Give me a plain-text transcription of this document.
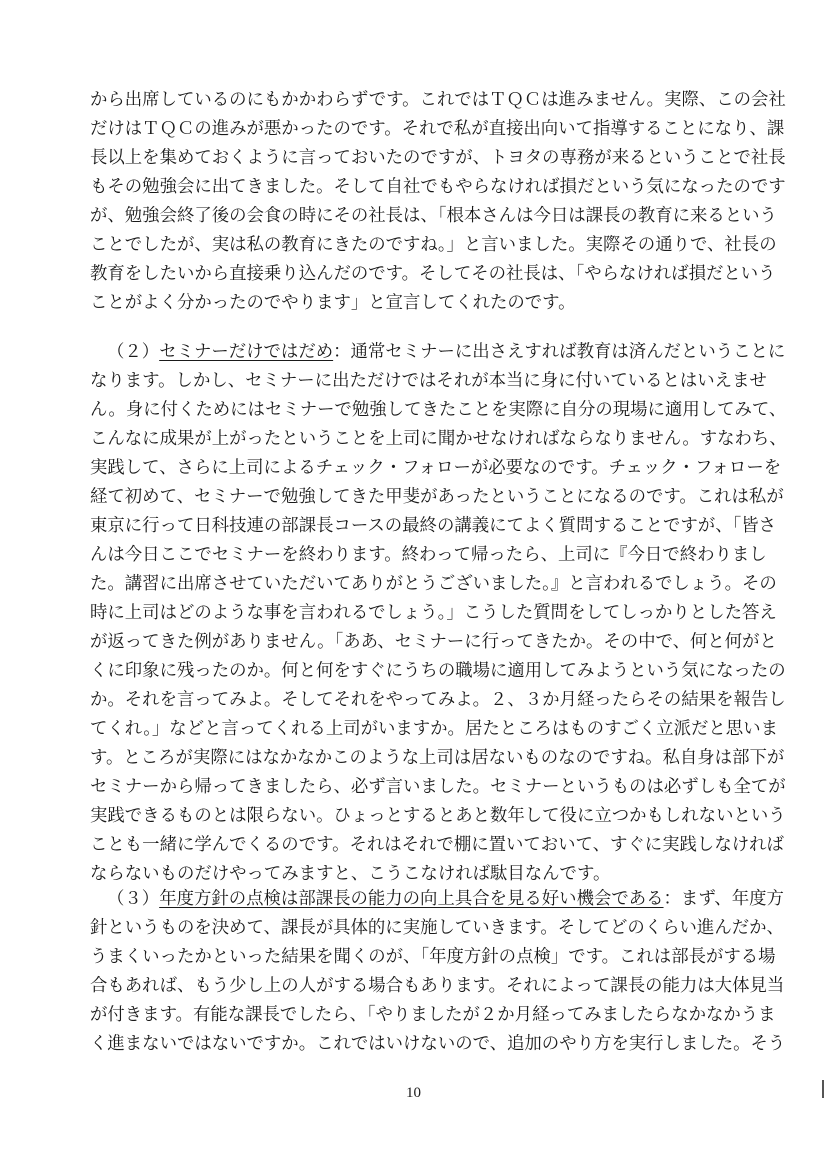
から出席しているのにもかかわらずです。これではＴＱＣは進みません。実際、この会社
だけはＴＱＣの進みが悪かったのです。それで私が直接出向いて指導することになり、課
長以上を集めておくように言っておいたのですが、トヨタの専務が来るということで社長
もその勉強会に出てきました。そして自社でもやらなければ損だという気になったのです
が、勉強会終了後の会食の時にその社長は、「根本さんは今日は課長の教育に来るという
ことでしたが、実は私の教育にきたのですね。」と言いました。実際その通りで、社長の
教育をしたいから直接乗り込んだのです。そしてその社長は、「やらなければ損だという
ことがよく分かったのでやります」と宣言してくれたのです。
（２）セミナーだけではだめ：通常セミナーに出さえすれば教育は済んだということに
なります。しかし、セミナーに出ただけではそれが本当に身に付いているとはいえませ
ん。身に付くためにはセミナーで勉強してきたことを実際に自分の現場に適用してみて、
こんなに成果が上がったということを上司に聞かせなければならなりません。すなわち、
実践して、さらに上司によるチェック・フォローが必要なのです。チェック・フォローを
経て初めて、セミナーで勉強してきた甲斐があったということになるのです。これは私が
東京に行って日科技連の部課長コースの最終の講義にてよく質問することですが、「皆さ
んは今日ここでセミナーを終わります。終わって帰ったら、上司に『今日で終わりまし
た。講習に出席させていただいてありがとうございました。』と言われるでしょう。その
時に上司はどのような事を言われるでしょう。」こうした質問をしてしっかりとした答え
が返ってきた例がありません。「ああ、セミナーに行ってきたか。その中で、何と何がと
くに印象に残ったのか。何と何をすぐにうちの職場に適用してみようという気になったの
か。それを言ってみよ。そしてそれをやってみよ。２、３か月経ったらその結果を報告し
てくれ。」などと言ってくれる上司がいますか。居たところはものすごく立派だと思いま
す。ところが実際にはなかなかこのような上司は居ないものなのですね。私自身は部下が
セミナーから帰ってきましたら、必ず言いました。セミナーというものは必ずしも全てが
実践できるものとは限らない。ひょっとするとあと数年して役に立つかもしれないという
ことも一緒に学んでくるのです。それはそれで棚に置いておいて、すぐに実践しなければ
ならないものだけやってみますと、こうこなければ駄目なんです。
（３）年度方針の点検は部課長の能力の向上具合を見る好い機会である：まず、年度方
針というものを決めて、課長が具体的に実施していきます。そしてどのくらい進んだか、
うまくいったかといった結果を聞くのが、「年度方針の点検」です。これは部長がする場
合もあれば、もう少し上の人がする場合もあります。それによって課長の能力は大体見当
が付きます。有能な課長でしたら、「やりましたが２か月経ってみましたらなかなかうま
く進まないではないですか。これではいけないので、追加のやり方を実行しました。そう
10
